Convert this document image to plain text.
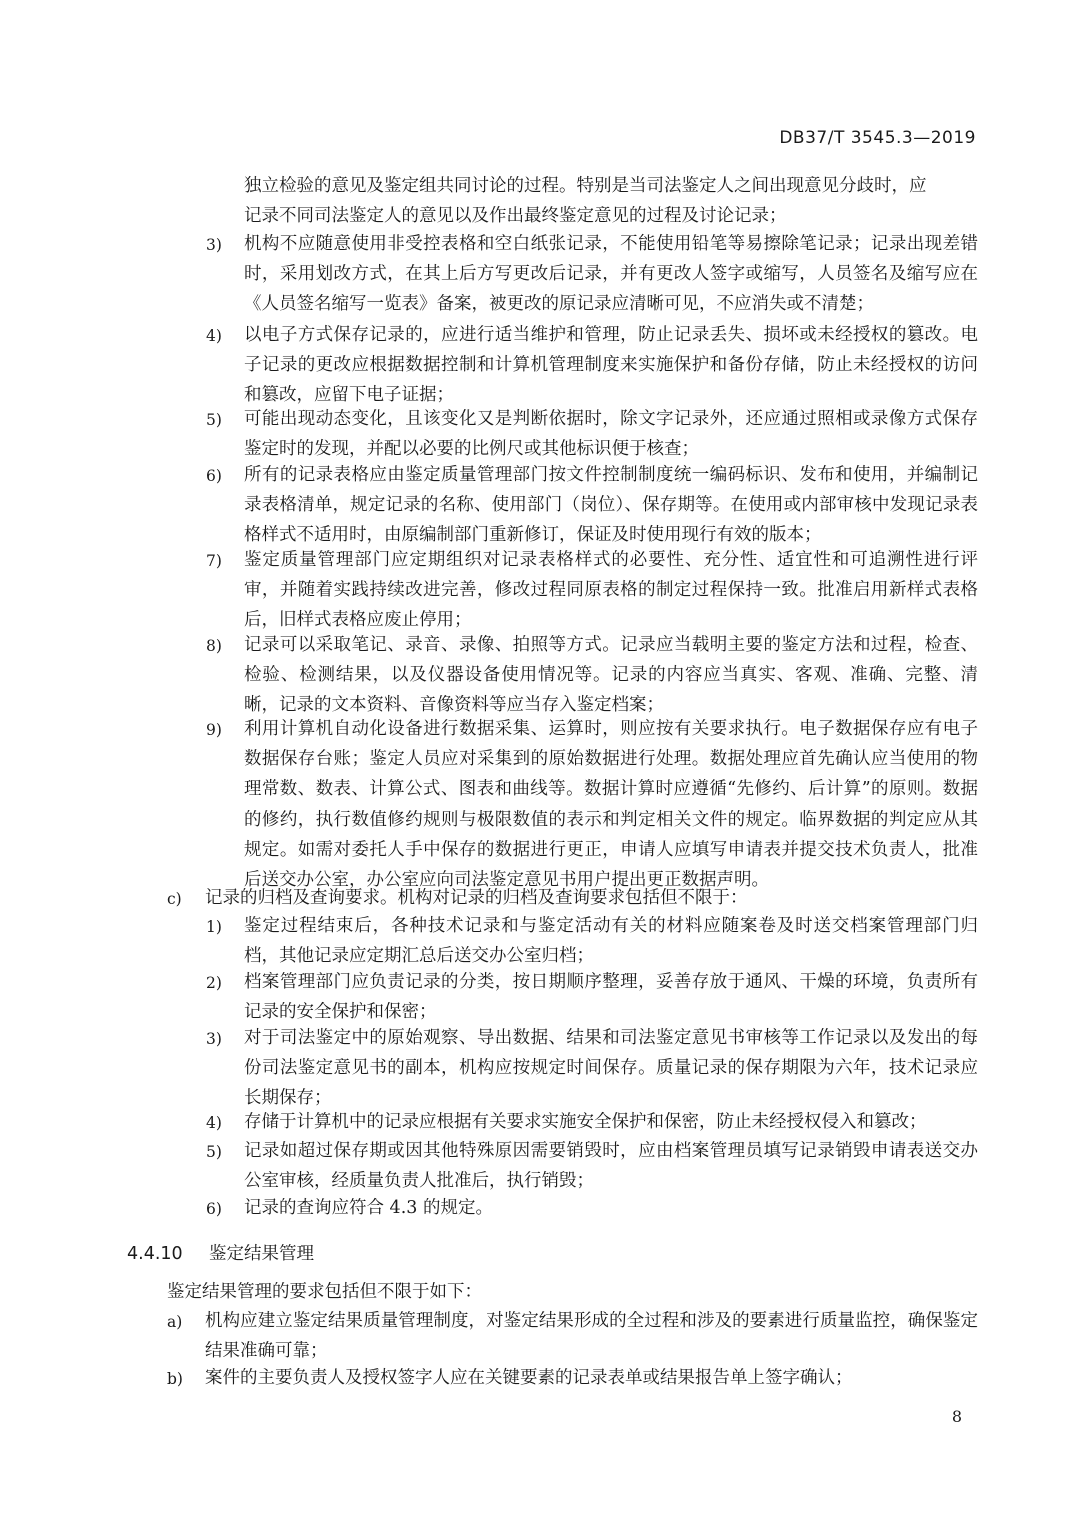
DB37/T 3545.3—2019
独立检验的意见及鉴定组共同讨论的过程。特别是当司法鉴定人之间出现意见分歧时，应
记录不同司法鉴定人的意见以及作出最终鉴定意见的过程及讨论记录；
3) 机构不应随意使用非受控表格和空白纸张记录，不能使用铅笔等易擦除笔记录；记录出现差错时，采用划改方式，在其上后方写更改后记录，并有更改人签字或缩写，人员签名及缩写应在《人员签名缩写一览表》备案，被更改的原记录应清晰可见，不应消失或不清楚；
4) 以电子方式保存记录的，应进行适当维护和管理，防止记录丢失、损坏或未经授权的篡改。电子记录的更改应根据数据控制和计算机管理制度来实施保护和备份存储，防止未经授权的访问和篡改，应留下电子证据；
5) 可能出现动态变化，且该变化又是判断依据时，除文字记录外，还应通过照相或录像方式保存鉴定时的发现，并配以必要的比例尺或其他标识便于核查；
6) 所有的记录表格应由鉴定质量管理部门按文件控制制度统一编码标识、发布和使用，并编制记录表格清单，规定记录的名称、使用部门（岗位）、保存期等。在使用或内部审核中发现记录表格样式不适用时，由原编制部门重新修订，保证及时使用现行有效的版本；
7) 鉴定质量管理部门应定期组织对记录表格样式的必要性、充分性、适宜性和可追溯性进行评审，并随着实践持续改进完善，修改过程同原表格的制定过程保持一致。批准启用新样式表格后，旧样式表格应废止停用；
8) 记录可以采取笔记、录音、录像、拍照等方式。记录应当载明主要的鉴定方法和过程，检查、检验、检测结果，以及仪器设备使用情况等。记录的内容应当真实、客观、准确、完整、清晰，记录的文本资料、音像资料等应当存入鉴定档案；
9) 利用计算机自动化设备进行数据采集、运算时，则应按有关要求执行。电子数据保存应有电子数据保存台账；鉴定人员应对采集到的原始数据进行处理。数据处理应首先确认应当使用的物理常数、数表、计算公式、图表和曲线等。数据计算时应遵循“先修约、后计算”的原则。数据的修约，执行数值修约规则与极限数值的表示和判定相关文件的规定。临界数据的判定应从其规定。如需对委托人手中保存的数据进行更正，申请人应填写申请表并提交技术负责人，批准后送交办公室，办公室应向司法鉴定意见书用户提出更正数据声明。
c) 记录的归档及查询要求。机构对记录的归档及查询要求包括但不限于：
1) 鉴定过程结束后，各种技术记录和与鉴定活动有关的材料应随案卷及时送交档案管理部门归档，其他记录应定期汇总后送交办公室归档；
2) 档案管理部门应负责记录的分类，按日期顺序整理，妥善存放于通风、干燥的环境，负责所有记录的安全保护和保密；
3) 对于司法鉴定中的原始观察、导出数据、结果和司法鉴定意见书审核等工作记录以及发出的每份司法鉴定意见书的副本，机构应按规定时间保存。质量记录的保存期限为六年，技术记录应长期保存；
4) 存储于计算机中的记录应根据有关要求实施安全保护和保密，防止未经授权侵入和篡改；
5) 记录如超过保存期或因其他特殊原因需要销毁时，应由档案管理员填写记录销毁申请表送交办公室审核，经质量负责人批准后，执行销毁；
6) 记录的查询应符合 4.3 的规定。
4.4.10 鉴定结果管理
鉴定结果管理的要求包括但不限于如下：
a) 机构应建立鉴定结果质量管理制度，对鉴定结果形成的全过程和涉及的要素进行质量监控，确保鉴定结果准确可靠；
b) 案件的主要负责人及授权签字人应在关键要素的记录表单或结果报告单上签字确认；
8
